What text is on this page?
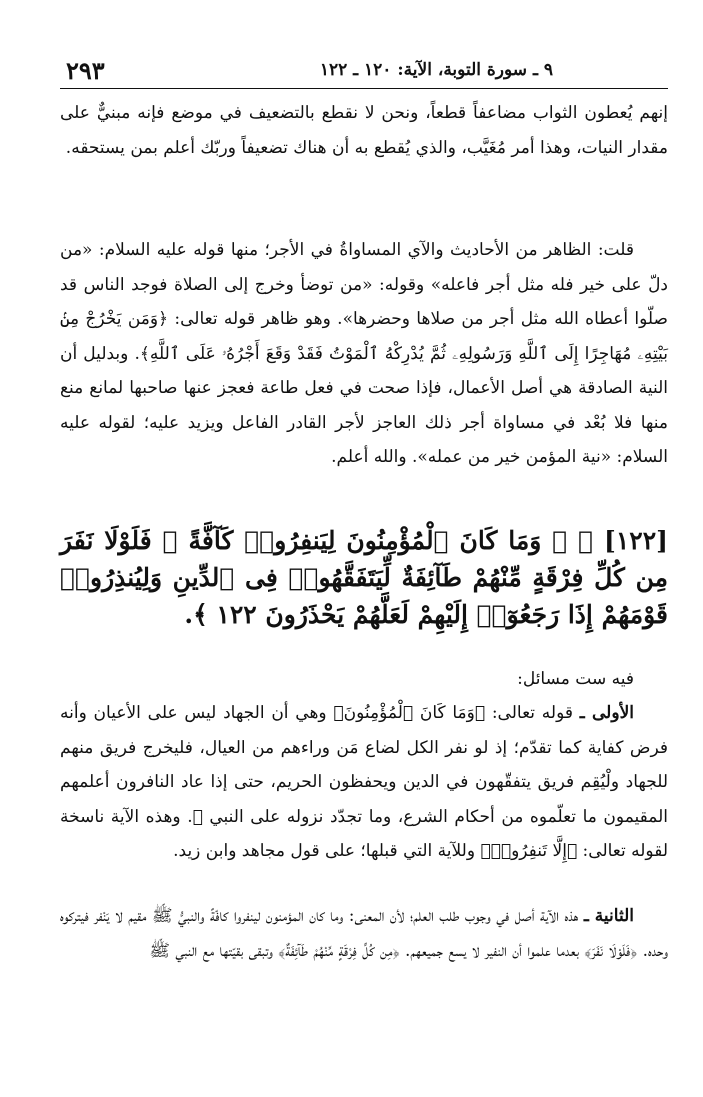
٢٩٣	٩ ـ سورة التوبة، الآية: ١٢٠ ـ ١٢٢

إنهم يُعطون الثواب مضاعفاً قطعاً، ونحن لا نقطع بالتضعيف في موضع فإنه مبنيٌّ على مقدار النيات، وهذا أمر مُغَيَّب، والذي يُقطع به أن هناك تضعيفاً وربّك أعلم بمن يستحقه.

قلت: الظاهر من الأحاديث والآي المساواةُ في الأجر؛ منها قوله عليه السلام: «من دلّ على خير فله مثل أجر فاعله» وقوله: «من توضأ وخرج إلى الصلاة فوجد الناس قد صلّوا أعطاه الله مثل أجر من صلاها وحضرها». وهو ظاهر قوله تعالى: ﴿وَمَن يَخْرُجْ مِنۢ بَيْتِهِۦ مُهَاجِرًا إِلَى ٱللَّهِ وَرَسُولِهِۦ ثُمَّ يُدْرِكْهُ ٱلْمَوْتُ فَقَدْ وَقَعَ أَجْرُهُۥ عَلَى ٱللَّهِ﴾. وبدليل أن النية الصادقة هي أصل الأعمال، فإذا صحت في فعل طاعة فعجز عنها صاحبها لمانع منع منها فلا بُعْد في مساواة أجر ذلك العاجز لأجر القادر الفاعل ويزيد عليه؛ لقوله عليه السلام: «نية المؤمن خير من عمله». والله أعلم.

[١٢٢] ﴿ ۞ وَمَا كَانَ ٱلْمُؤْمِنُونَ لِيَنفِرُوا۟ كَآفَّةً ۚ فَلَوْلَا نَفَرَ مِن كُلِّ فِرْقَةٍ مِّنْهُمْ طَآئِفَةٌ لِّيَتَفَقَّهُوا۟ فِى ٱلدِّينِ وَلِيُنذِرُوا۟ قَوْمَهُمْ إِذَا رَجَعُوٓا۟ إِلَيْهِمْ لَعَلَّهُمْ يَحْذَرُونَ ١٢٢ ﴾.

فيه ست مسائل:

الأولى ـ قوله تعالى: ﴿وَمَا كَانَ ٱلْمُؤْمِنُونَ﴾ وهي أن الجهاد ليس على الأعيان وأنه فرض كفاية كما تقدّم؛ إذ لو نفر الكل لضاع مَن وراءهم من العيال، فليخرج فريق منهم للجهاد ولْيُقِم فريق يتفقّهون في الدين ويحفظون الحريم، حتى إذا عاد النافرون أعلمهم المقيمون ما تعلّموه من أحكام الشرع، وما تجدّد نزوله على النبي ﷺ. وهذه الآية ناسخة لقوله تعالى: ﴿إِلَّا تَنفِرُوا۟﴾ وللآية التي قبلها؛ على قول مجاهد وابن زيد.

الثانية ـ هذه الآية أصل في وجوب طلب العلم؛ لأن المعنى: وما كان المؤمنون لينفروا كافّةً والنبيُّ ﷺ مقيم لا يَنْفر فيتركوه وحده. ﴿فَلَوْلَا نَفَرَ﴾ بعدما علموا أن النفير لا يسع جميعهم. ﴿مِن كُلِّ فِرْقَةٍ مِّنْهُمْ طَآئِفَةٌ﴾ وتبقى بقيّتها مع النبي ﷺ
